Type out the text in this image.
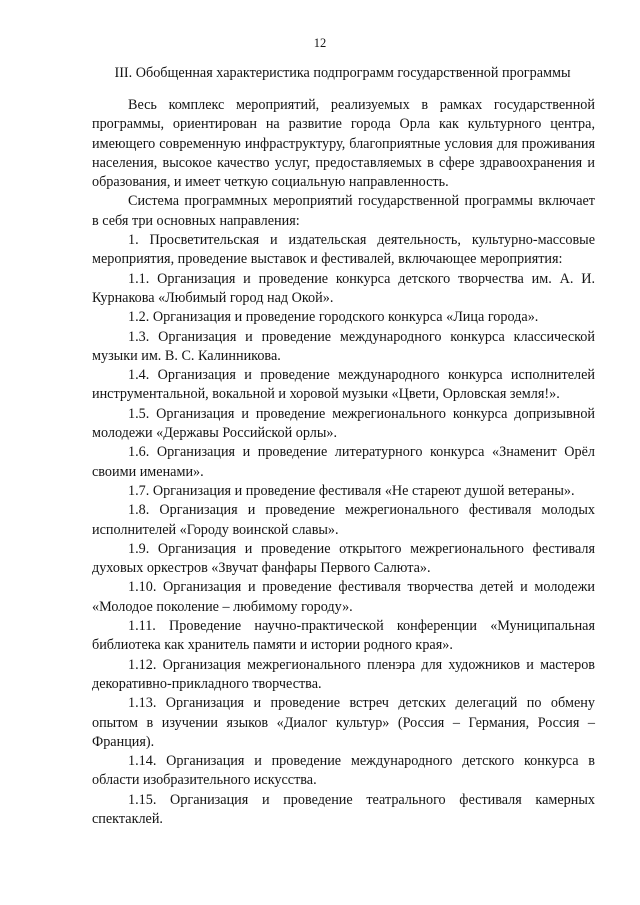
12
III. Обобщенная характеристика подпрограмм государственной программы

Весь комплекс мероприятий, реализуемых в рамках государственной программы, ориентирован на развитие города Орла как культурного центра, имеющего современную инфраструктуру, благоприятные условия для проживания населения, высокое качество услуг, предоставляемых в сфере здравоохранения и образования, и имеет четкую социальную направленность.

Система программных мероприятий государственной программы включает в себя три основных направления:

1. Просветительская и издательская деятельность, культурно-массовые мероприятия, проведение выставок и фестивалей, включающее мероприятия:

1.1. Организация и проведение конкурса детского творчества им. А. И. Курнакова «Любимый город над Окой».

1.2. Организация и проведение городского конкурса «Лица города».

1.3. Организация и проведение международного конкурса классической музыки им. В. С. Калинникова.

1.4. Организация и проведение международного конкурса исполнителей инструментальной, вокальной и хоровой музыки «Цвети, Орловская земля!».

1.5. Организация и проведение межрегионального конкурса допризывной молодежи «Державы Российской орлы».

1.6. Организация и проведение литературного конкурса «Знаменит Орёл своими именами».

1.7. Организация и проведение фестиваля «Не стареют душой ветераны».

1.8. Организация и проведение межрегионального фестиваля молодых исполнителей «Городу воинской славы».

1.9. Организация и проведение открытого межрегионального фестиваля духовых оркестров «Звучат фанфары Первого Салюта».

1.10. Организация и проведение фестиваля творчества детей и молодежи «Молодое поколение – любимому городу».

1.11. Проведение научно-практической конференции «Муниципальная библиотека как хранитель памяти и истории родного края».

1.12. Организация межрегионального пленэра для художников и мастеров декоративно-прикладного творчества.

1.13. Организация и проведение встреч детских делегаций по обмену опытом в изучении языков «Диалог культур» (Россия – Германия, Россия – Франция).

1.14. Организация и проведение международного детского конкурса в области изобразительного искусства.

1.15. Организация и проведение театрального фестиваля камерных спектаклей.
